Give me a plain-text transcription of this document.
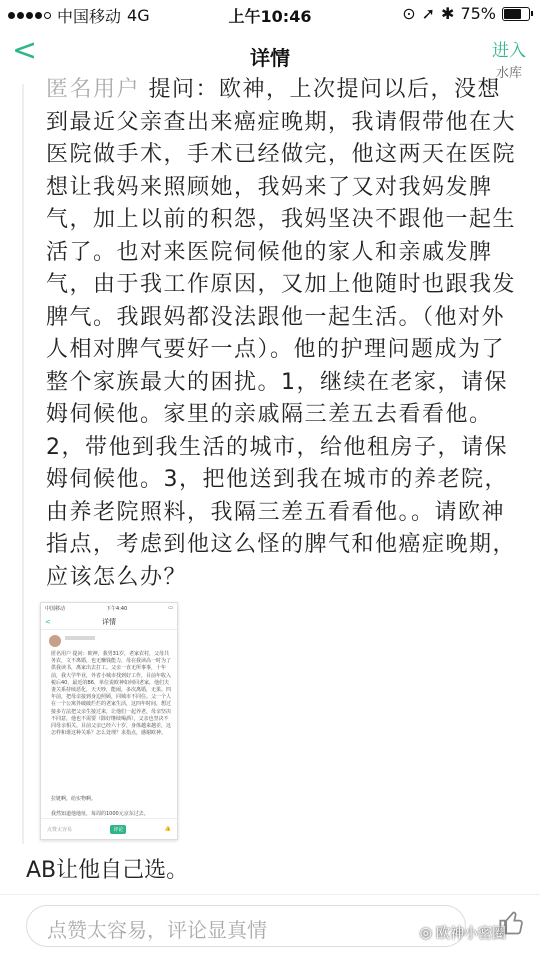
中国移动 4G	上午10:46	⊙ ➚ ✱ 75%
<	详情	进入
水库
匿名用户 提问：欧神，上次提问以后，没想到最近父亲查出来癌症晚期，我请假带他在大医院做手术，手术已经做完，他这两天在医院想让我妈来照顾她，我妈来了又对我妈发脾气，加上以前的积怨，我妈坚决不跟他一起生活了。也对来医院伺候他的家人和亲戚发脾气，由于我工作原因，又加上他随时也跟我发脾气。我跟妈都没法跟他一起生活。（他对外人相对脾气要好一点）。他的护理问题成为了整个家族最大的困扰。1，继续在老家，请保姆伺候他。家里的亲戚隔三差五去看看他。2，带他到我生活的城市，给他租房子，请保姆伺候他。3，把他送到我在城市的养老院，由养老院照料，我隔三差五看看他。。请欧神指点，考虑到他这么怪的脾气和他癌症晚期，应该怎么办？
中国移动	下午4:40	▭
<	详情
匿名用户 提问：欧神，我男31岁，老家农村，父母共务农，文不离婚，也无赚钱能力，母在我读高一时为了供我读书，离家出去打工。父亲一直无所事事，十年前，我大学毕业，外省小城市找到好工作，目前年收入税后40，最近的B6，单位说欧神如何回老家，他们夫妻关系持续恶化，天天吵，能闹，多次离婚，无果。四年前，把母亲接到身边照顾，同城市不同住。父一个人在一个公寓外破破烂烂的老家生活，这四年时间，想过接多方法把父亲生接过来，让他们一起养老，母亲坚决不同意，他也不需要（除好继续喝酒），父亲也坚决不同母亲相关。目前父亲已经六十岁，身体越来越差，这怎样和谁这种关系？怎么处理？求指点，感谢欧神。
拉链啊，给实物啊。
我然知道他地址，每周的1000元京东过去。
点赞太容易	评论	👍
AB让他自己选。
点赞太容易，评论显真情	◎ 欧神小密圈
